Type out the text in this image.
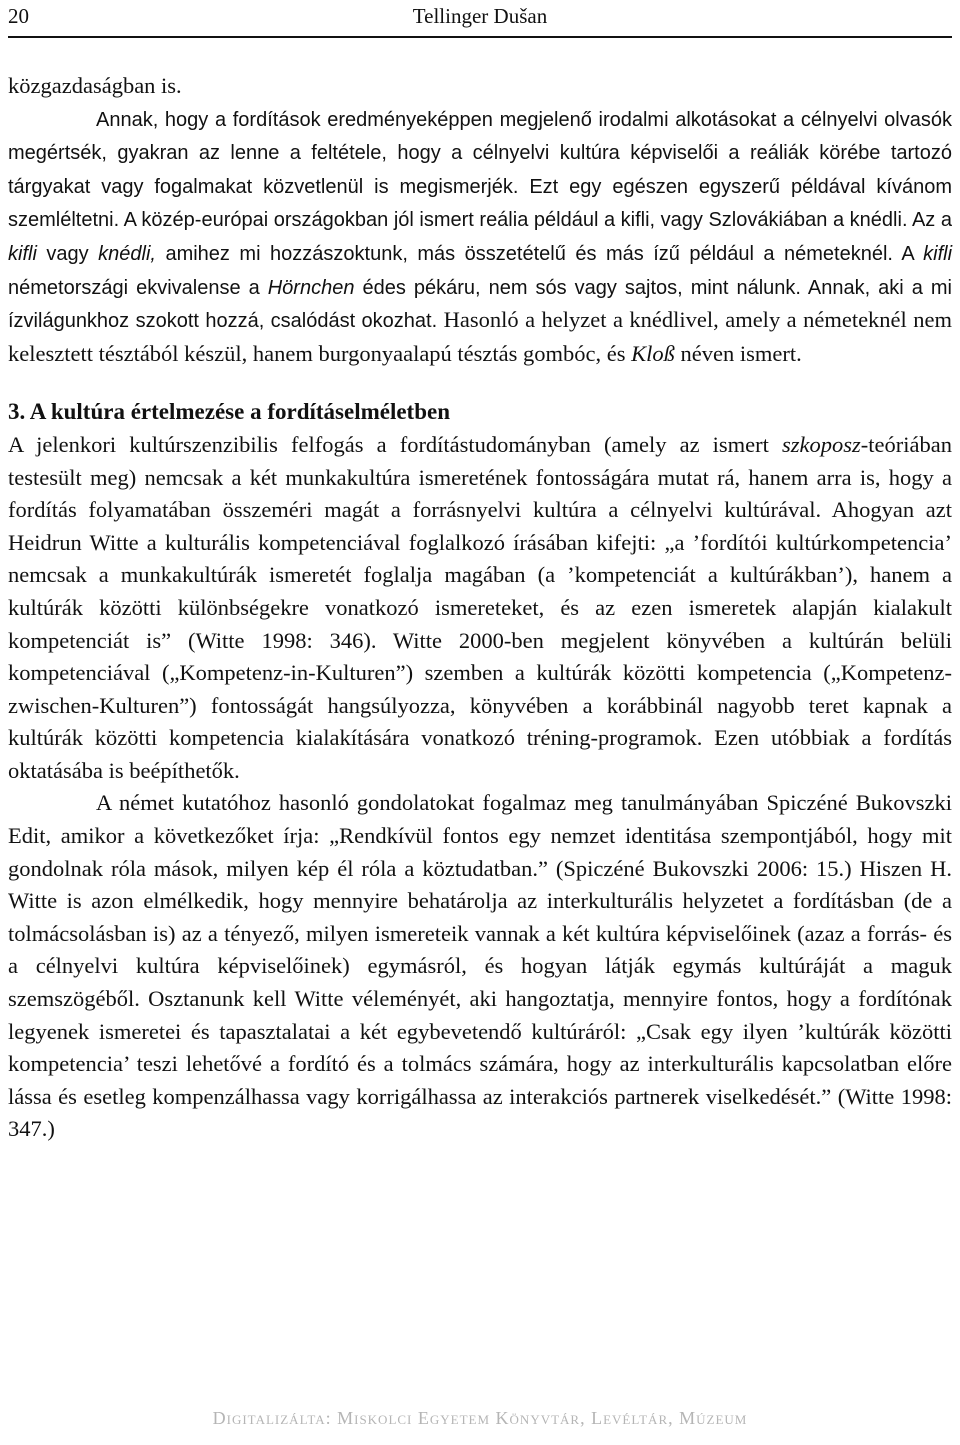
20	Tellinger Dušan

közgazdaságban is.

Annak, hogy a fordítások eredményeképpen megjelenő irodalmi alkotásokat a célnyelvi olvasók megértsék, gyakran az lenne a feltétele, hogy a célnyelvi kultúra képviselői a reáliák körébe tartozó tárgyakat vagy fogalmakat közvetlenül is megismerjék. Ezt egy egészen egyszerű példával kívánom szemléltetni. A közép-európai országokban jól ismert reália például a kifli, vagy Szlovákiában a knédli. Az a kifli vagy knédli, amihez mi hozzászoktunk, más összetételű és más ízű például a németeknél. A kifli németországi ekvivalense a Hörnchen édes pékáru, nem sós vagy sajtos, mint nálunk. Annak, aki a mi ízvilágunkhoz szokott hozzá, csalódást okozhat. Hasonló a helyzet a knédlivel, amely a németeknél nem kelesztett tésztából készül, hanem burgonyaalapú tésztás gombóc, és Kloß néven ismert.

3. A kultúra értelmezése a fordításelméletben

A jelenkori kultúrszenzibilis felfogás a fordítástudományban (amely az ismert szkoposz-teóriában testesült meg) nemcsak a két munkakultúra ismeretének fontosságára mutat rá, hanem arra is, hogy a fordítás folyamatában összeméri magát a forrásnyelvi kultúra a célnyelvi kultúrával. Ahogyan azt Heidrun Witte a kulturális kompetenciával foglalkozó írásában kifejti: „a ’fordítói kultúrkompetencia’ nemcsak a munkakultúrák ismeretét foglalja magában (a ’kompetenciát a kultúrákban’), hanem a kultúrák közötti különbségekre vonatkozó ismereteket, és az ezen ismeretek alapján kialakult kompetenciát is” (Witte 1998: 346). Witte 2000-ben megjelent könyvében a kultúrán belüli kompetenciával („Kompetenz-in-Kulturen”) szemben a kultúrák közötti kompetencia („Kompetenz-zwischen-Kulturen”) fontosságát hangsúlyozza, könyvében a korábbinál nagyobb teret kapnak a kultúrák közötti kompetencia kialakítására vonatkozó tréning-programok. Ezen utóbbiak a fordítás oktatásába is beépíthetők.

A német kutatóhoz hasonló gondolatokat fogalmaz meg tanulmányában Spiczéné Bukovszki Edit, amikor a következőket írja: „Rendkívül fontos egy nemzet identitása szempontjából, hogy mit gondolnak róla mások, milyen kép él róla a köztudatban.” (Spiczéné Bukovszki 2006: 15.) Hiszen H. Witte is azon elmélkedik, hogy mennyire behatárolja az interkulturális helyzetet a fordításban (de a tolmácsolásban is) az a tényező, milyen ismereteik vannak a két kultúra képviselőinek (azaz a forrás- és a célnyelvi kultúra képviselőinek) egymásról, és hogyan látják egymás kultúráját a maguk szemszögéből. Osztanunk kell Witte véleményét, aki hangoztatja, mennyire fontos, hogy a fordítónak legyenek ismeretei és tapasztalatai a két egybevetendő kultúráról: „Csak egy ilyen ’kultúrák közötti kompetencia’ teszi lehetővé a fordító és a tolmács számára, hogy az interkulturális kapcsolatban előre lássa és esetleg kompenzálhassa vagy korrigálhassa az interakciós partnerek viselkedését.” (Witte 1998: 347.)

Digitalizálta: Miskolci Egyetem Könyvtár, Levéltár, Múzeum
